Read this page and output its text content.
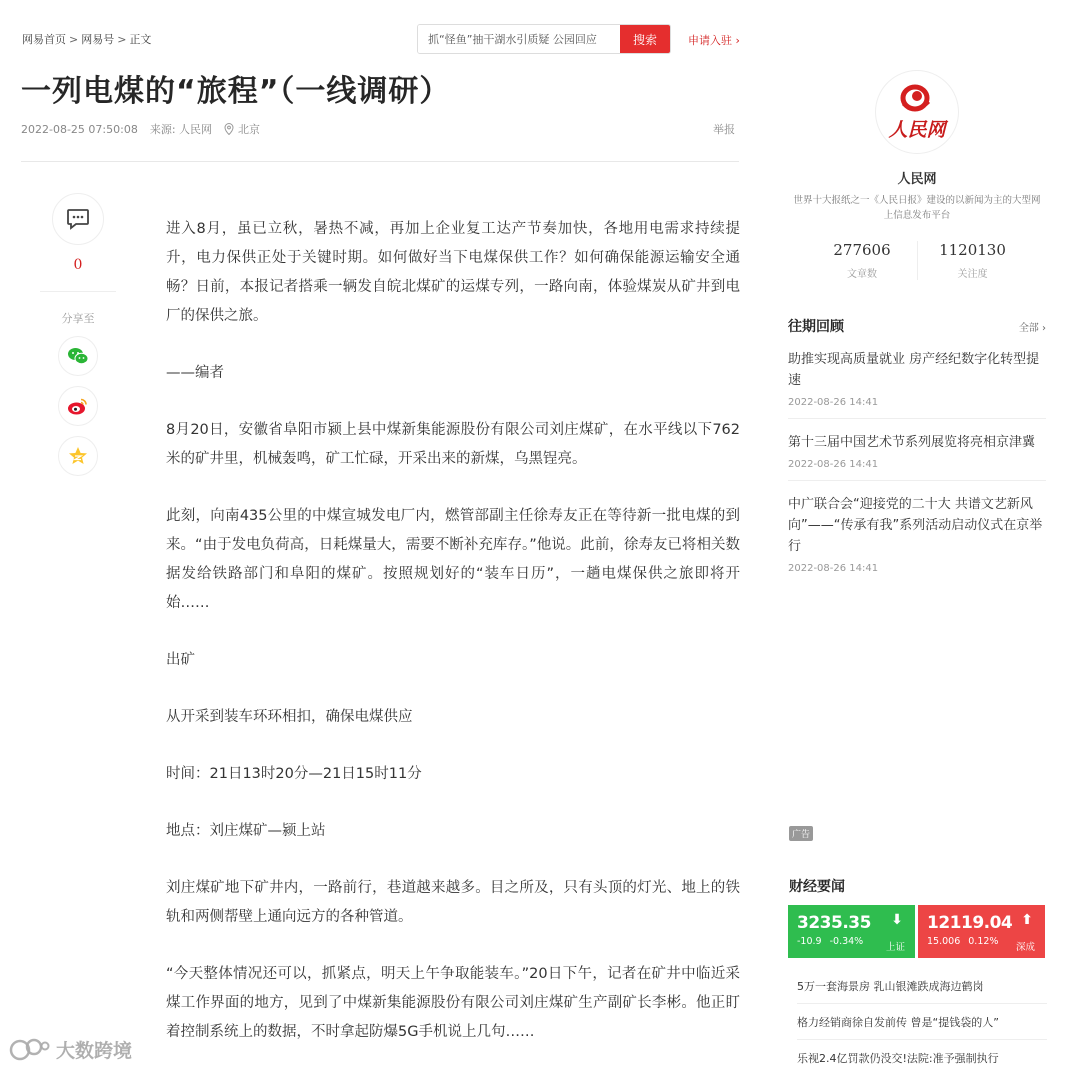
网易首页 > 网易号 > 正文
抓“怪鱼”抽干湖水引质疑 公园回应	搜索	申请入驻 ›
一列电煤的“旅程”（一线调研）
2022-08-25 07:50:08 来源: 人民网 北京	举报
0
分享至

进入8月，虽已立秋，暑热不减，再加上企业复工达产节奏加快，各地用电需求持续提升，电力保供正处于关键时期。如何做好当下电煤保供工作？如何确保能源运输安全通畅？日前，本报记者搭乘一辆发自皖北煤矿的运煤专列，一路向南，体验煤炭从矿井到电厂的保供之旅。

——编者

8月20日，安徽省阜阳市颍上县中煤新集能源股份有限公司刘庄煤矿，在水平线以下762米的矿井里，机械轰鸣，矿工忙碌，开采出来的新煤，乌黑锃亮。

此刻，向南435公里的中煤宣城发电厂内，燃管部副主任徐寿友正在等待新一批电煤的到来。“由于发电负荷高，日耗煤量大，需要不断补充库存。”他说。此前，徐寿友已将相关数据发给铁路部门和阜阳的煤矿。按照规划好的“装车日历”，一趟电煤保供之旅即将开始……

出矿

从开采到装车环环相扣，确保电煤供应

时间：21日13时20分—21日15时11分

地点：刘庄煤矿—颍上站

刘庄煤矿地下矿井内，一路前行，巷道越来越多。目之所及，只有头顶的灯光、地上的铁轨和两侧帮壁上通向远方的各种管道。

“今天整体情况还可以，抓紧点，明天上午争取能装车。”20日下午，记者在矿井中临近采煤工作界面的地方，见到了中煤新集能源股份有限公司刘庄煤矿生产副矿长李彬。他正盯着控制系统上的数据，不时拿起防爆5G手机说上几句……

人民网
人民网
世界十大报纸之一《人民日报》建设的以新闻为主的大型网上信息发布平台
277606
文章数
1120130
关注度
往期回顾	全部 ›
助推实现高质量就业 房产经纪数字化转型提速
2022-08-26 14:41
第十三届中国艺术节系列展览将亮相京津冀
2022-08-26 14:41
中广联合会“迎接党的二十大 共谱文艺新风向”——“传承有我”系列活动启动仪式在京举行
2022-08-26 14:41
广告
财经要闻
3235.35
-10.9 -0.34%
⬇
上证
12119.04
15.006 0.12%
⬆
深成
5万一套海景房 乳山银滩跌成海边鹤岗
格力经销商徐自发前传 曾是“提钱袋的人”
乐视2.4亿罚款仍没交!法院:准予强制执行
大数跨境
